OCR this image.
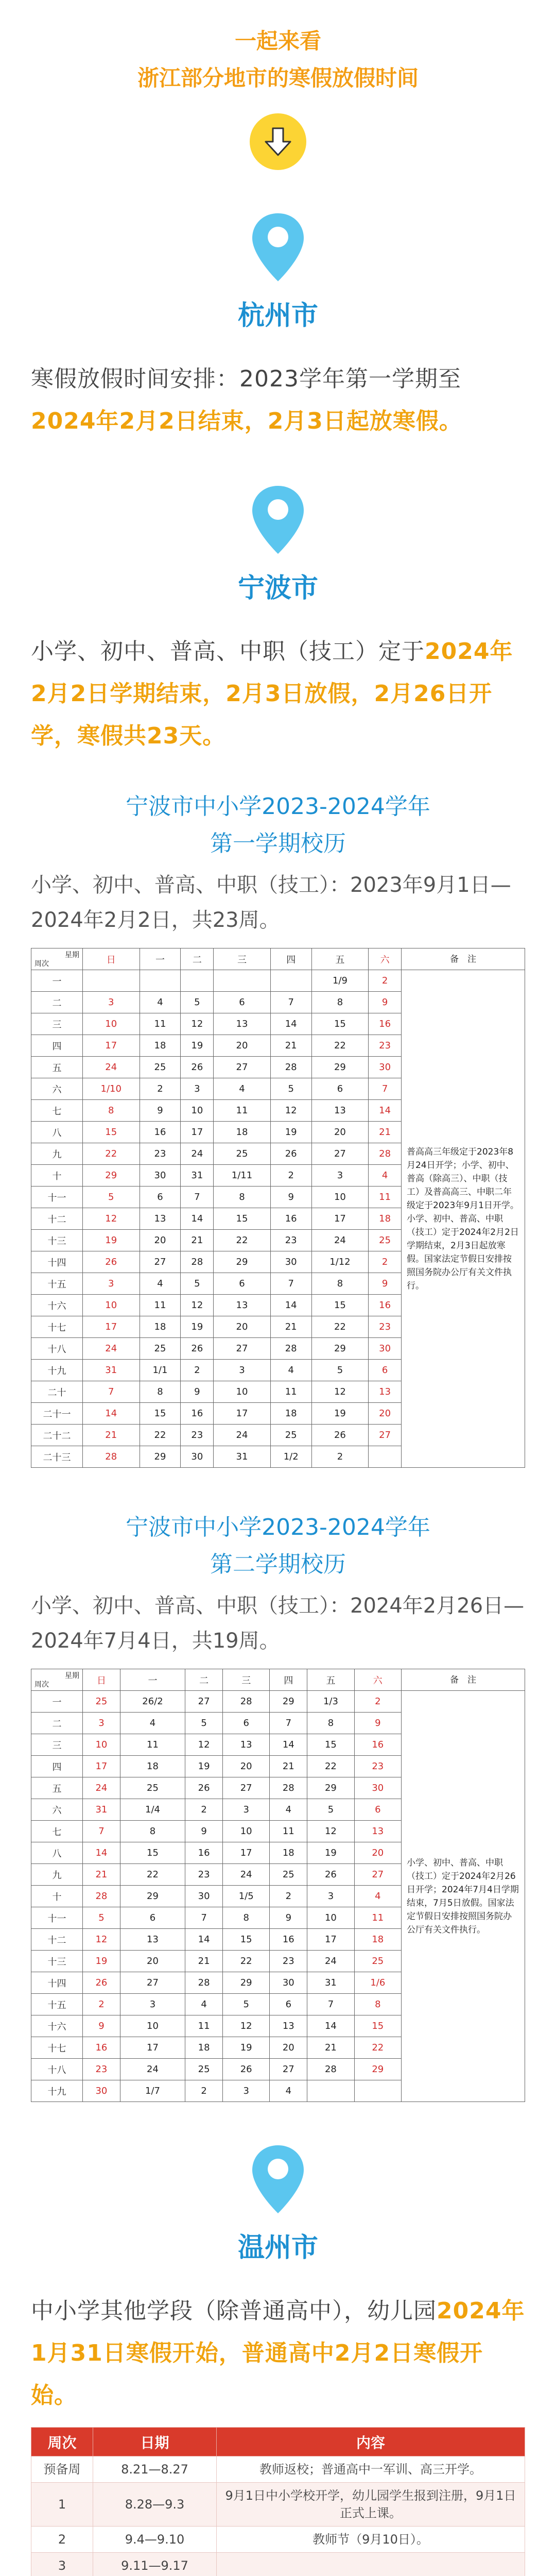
一起来看
浙江部分地市的寒假放假时间
杭州市
寒假放假时间安排：2023学年第一学期至2024年2月2日结束，2月3日起放寒假。
宁波市
小学、初中、普高、中职（技工）定于2024年2月2日学期结束，2月3日放假，2月26日开学，寒假共23天。
宁波市中小学2023-2024学年
第一学期校历
小学、初中、普高、中职（技工）：2023年9月1日—2024年2月2日，共23周。
星期
周次	日	一	二	三	四	五	六	备　注
一						1/9	2	普高高三年级定于2023年8月24日开学；小学、初中、普高（除高三）、中职（技工）及普高高三、中职二年级定于2023年9月1日开学。小学、初中、普高、中职（技工）定于2024年2月2日学期结束，2月3日起放寒假。国家法定节假日安排按照国务院办公厅有关文件执行。
二	3	4	5	6	7	8	9	
三	10	11	12	13	14	15	16	
四	17	18	19	20	21	22	23	
五	24	25	26	27	28	29	30	
六	1/10	2	3	4	5	6	7	
七	8	9	10	11	12	13	14	
八	15	16	17	18	19	20	21	
九	22	23	24	25	26	27	28	
十	29	30	31	1/11	2	3	4	
十一	5	6	7	8	9	10	11	
十二	12	13	14	15	16	17	18	
十三	19	20	21	22	23	24	25	
十四	26	27	28	29	30	1/12	2	
十五	3	4	5	6	7	8	9	
十六	10	11	12	13	14	15	16	
十七	17	18	19	20	21	22	23	
十八	24	25	26	27	28	29	30	
十九	31	1/1	2	3	4	5	6	
二十	7	8	9	10	11	12	13	
二十一	14	15	16	17	18	19	20	
二十二	21	22	23	24	25	26	27	
二十三	28	29	30	31	1/2	2		
宁波市中小学2023-2024学年
第二学期校历
小学、初中、普高、中职（技工）：2024年2月26日—2024年7月4日，共19周。
星期
周次	日	一	二	三	四	五	六	备　注
一	25	26/2	27	28	29	1/3	2	小学、初中、普高、中职（技工）定于2024年2月26日开学；2024年7月4日学期结束，7月5日放假。国家法定节假日安排按照国务院办公厅有关文件执行。
二	3	4	5	6	7	8	9	
三	10	11	12	13	14	15	16	
四	17	18	19	20	21	22	23	
五	24	25	26	27	28	29	30	
六	31	1/4	2	3	4	5	6	
七	7	8	9	10	11	12	13	
八	14	15	16	17	18	19	20	
九	21	22	23	24	25	26	27	
十	28	29	30	1/5	2	3	4	
十一	5	6	7	8	9	10	11	
十二	12	13	14	15	16	17	18	
十三	19	20	21	22	23	24	25	
十四	26	27	28	29	30	31	1/6	
十五	2	3	4	5	6	7	8	
十六	9	10	11	12	13	14	15	
十七	16	17	18	19	20	21	22	
十八	23	24	25	26	27	28	29	
十九	30	1/7	2	3	4			
温州市
中小学其他学段（除普通高中），幼儿园2024年1月31日寒假开始，普通高中2月2日寒假开始。
周次	日期	内容
预备周	8.21—8.27	教师返校；普通高中一军训、高三开学。
1	8.28—9.3	9月1日中小学校开学，幼儿园学生报到注册，9月1日正式上课。
2	9.4—9.10	教师节（9月10日）。
3	9.11—9.17	
